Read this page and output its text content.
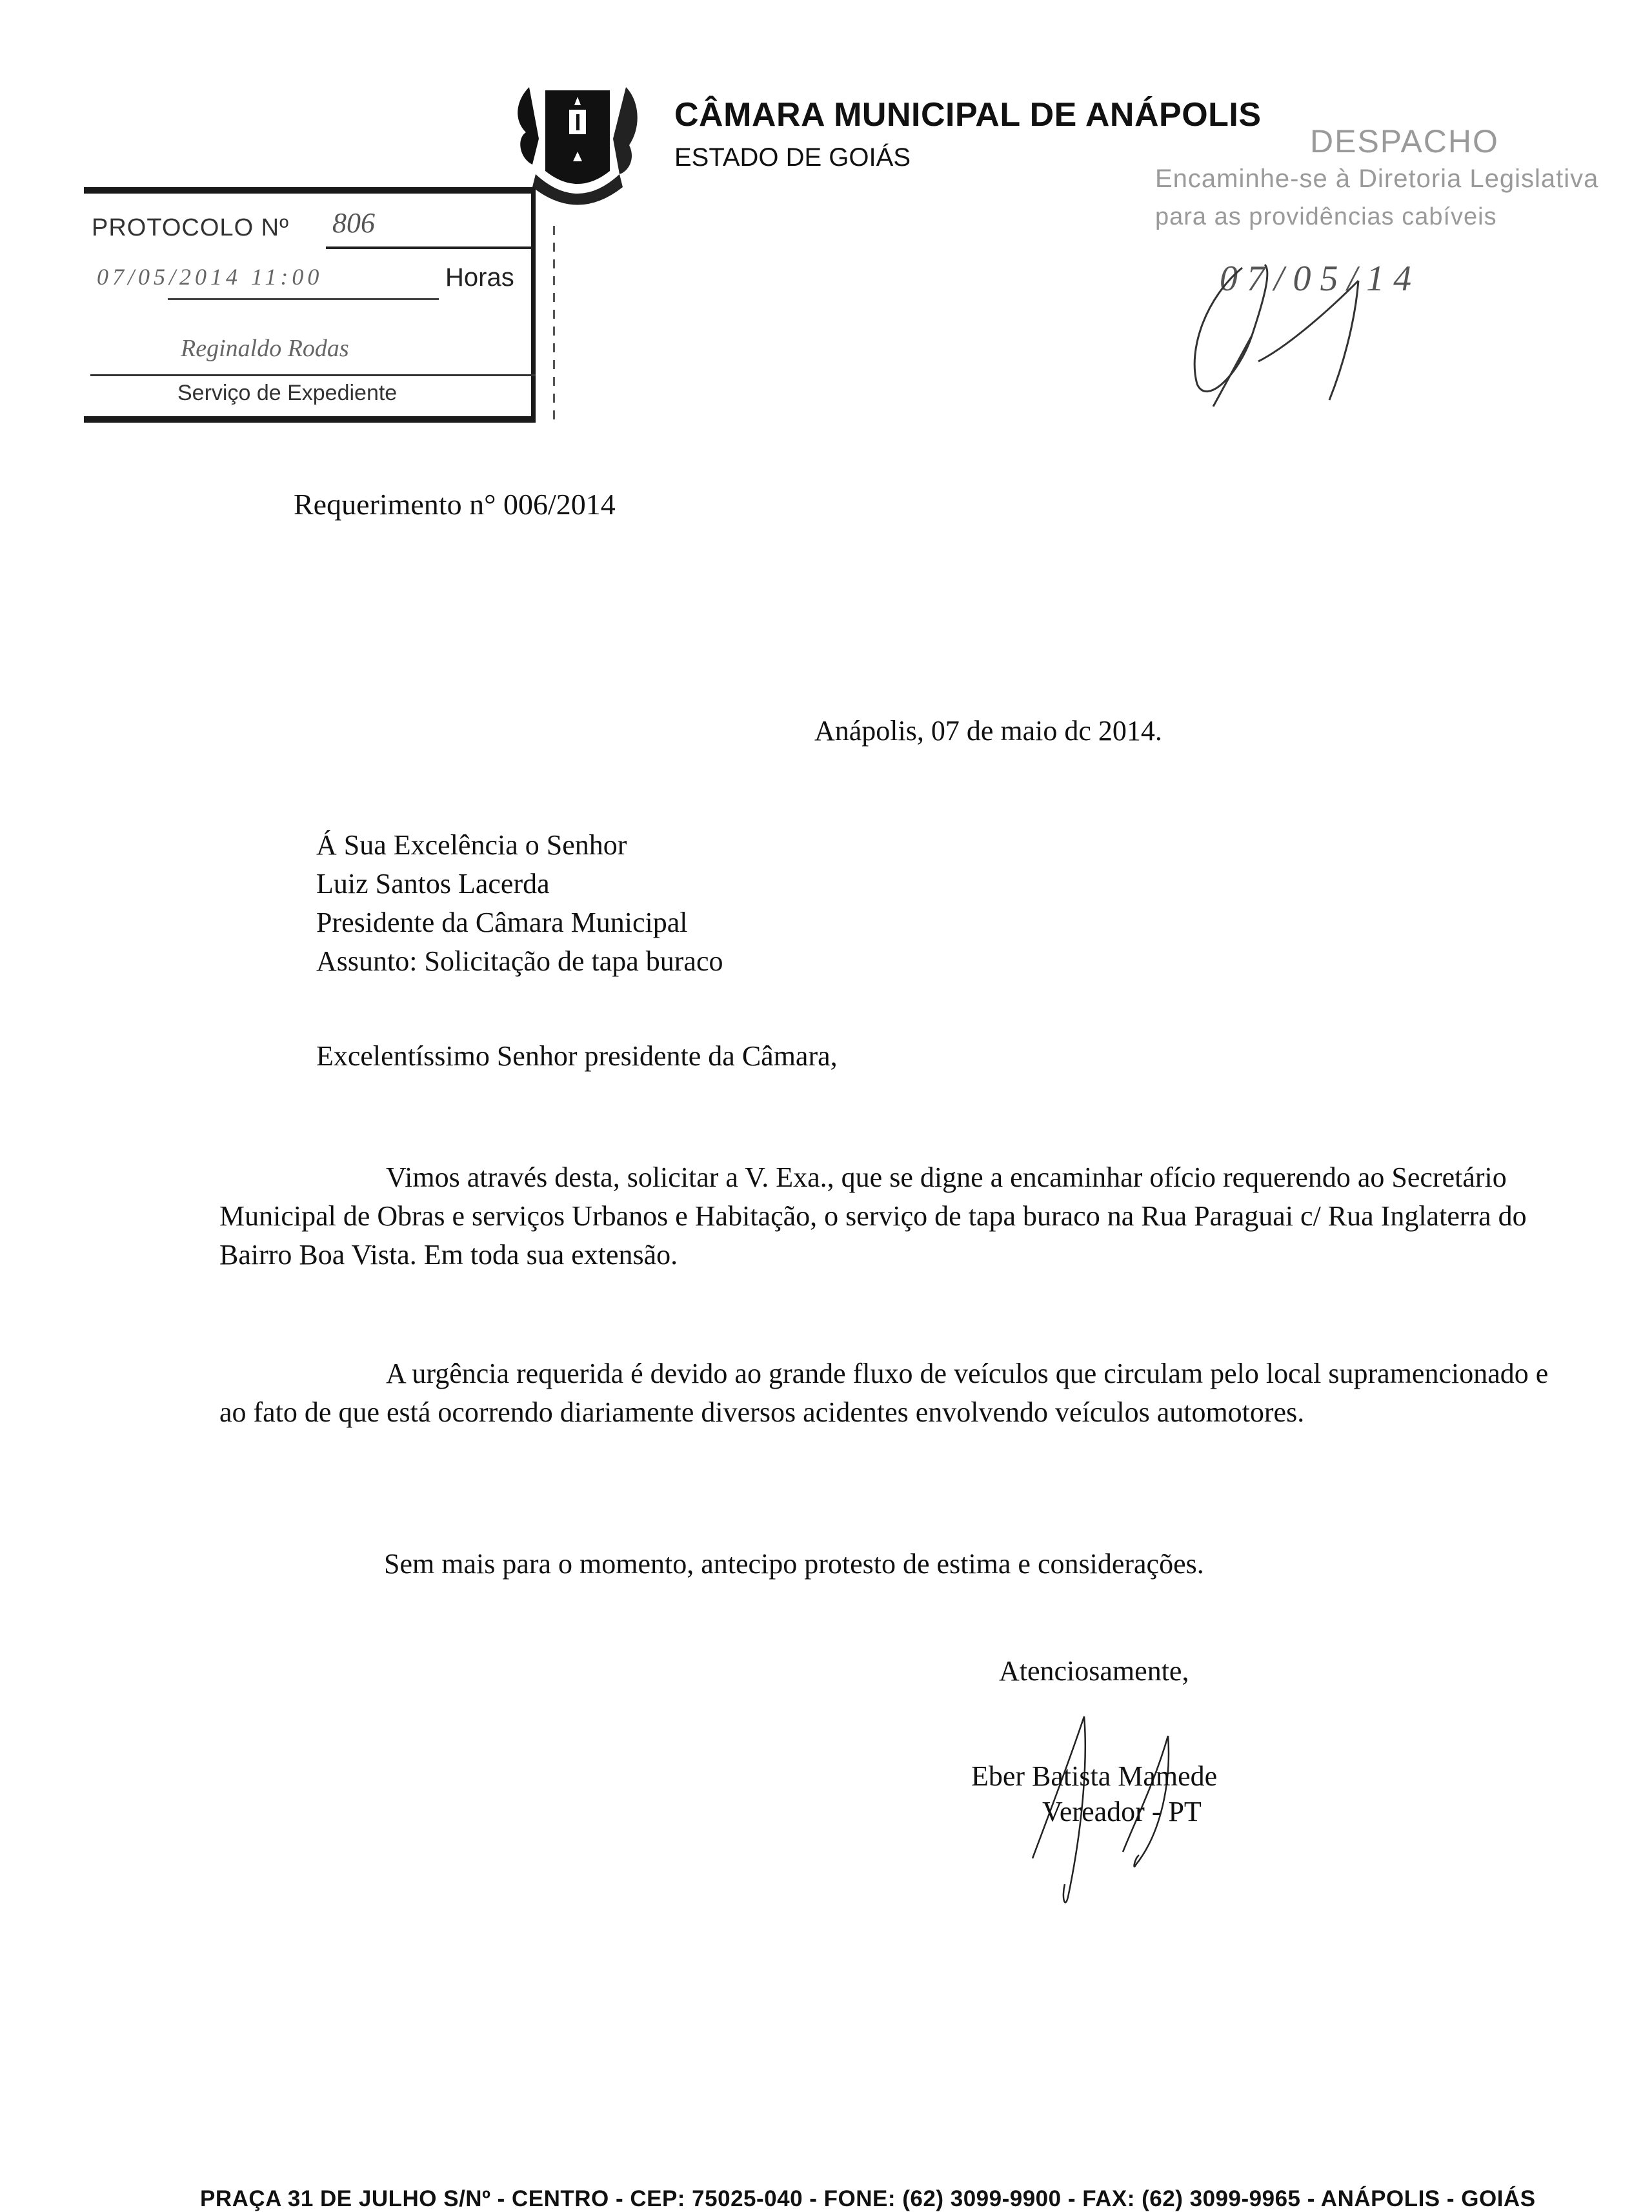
CÂMARA MUNICIPAL DE ANÁPOLIS
ESTADO DE GOIÁS
PROTOCOLO Nº 806
07/05/2014 11:00	Horas
Reginaldo Rodas
Serviço de Expediente
DESPACHO
Encaminhe-se à Diretoria Legislativa
para as providências cabíveis
07/05/14
Requerimento n° 006/2014
Anápolis, 07 de maio dc 2014.
Á Sua Excelência o Senhor
Luiz Santos Lacerda
Presidente da Câmara Municipal
Assunto: Solicitação de tapa buraco
Excelentíssimo Senhor presidente da Câmara,
Vimos através desta, solicitar a V. Exa., que se digne a encaminhar ofício requerendo ao Secretário Municipal de Obras e serviços Urbanos e Habitação, o serviço de tapa buraco na Rua Paraguai c/ Rua Inglaterra do Bairro Boa Vista. Em toda sua extensão.
A urgência requerida é devido ao grande fluxo de veículos que circulam pelo local supramencionado e ao fato de que está ocorrendo diariamente diversos acidentes envolvendo veículos automotores.
Sem mais para o momento, antecipo protesto de estima e considerações.
Atenciosamente,
Eber Batista Mamede
Vereador - PT
PRAÇA 31 DE JULHO S/Nº - CENTRO - CEP: 75025-040 - FONE: (62) 3099-9900 - FAX: (62) 3099-9965 - ANÁPOLIS - GOIÁS
